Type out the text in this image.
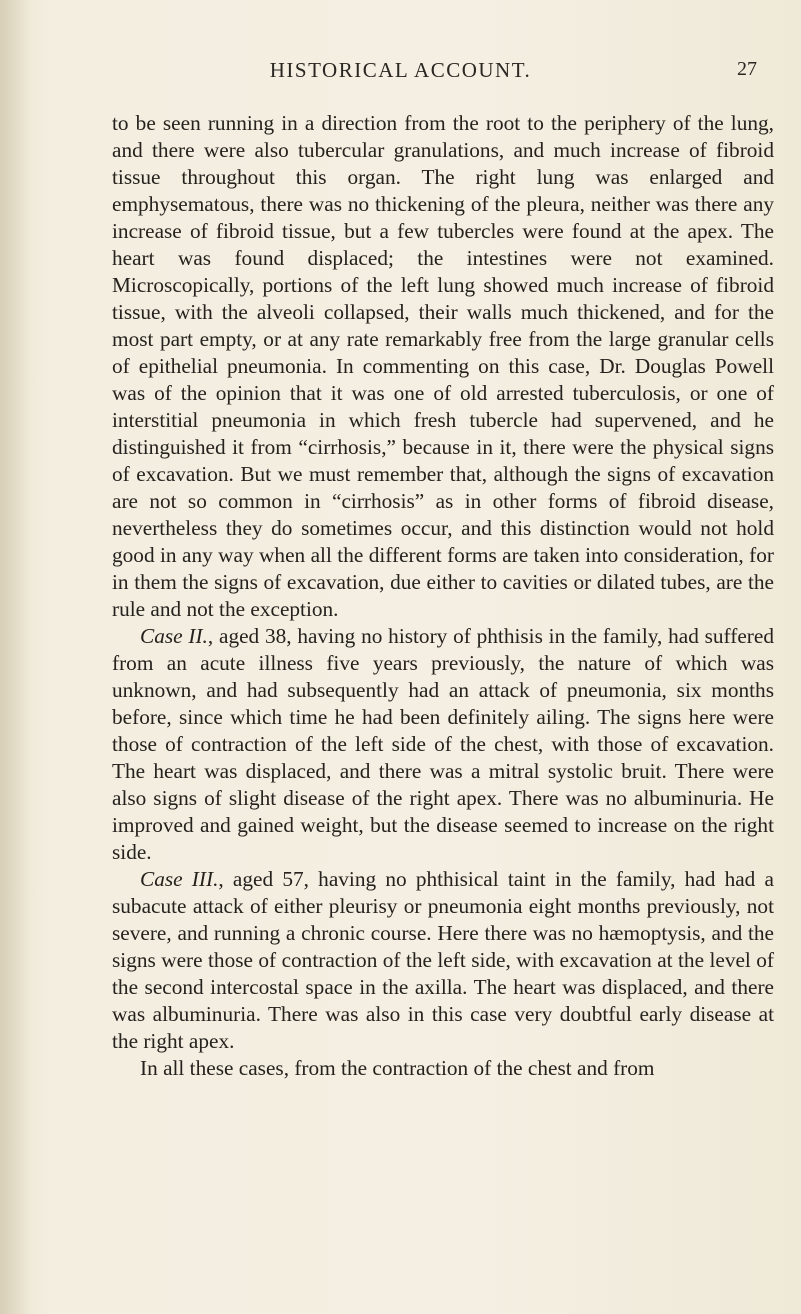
HISTORICAL ACCOUNT.	27

to be seen running in a direction from the root to the periphery of the lung, and there were also tubercular granulations, and much increase of fibroid tissue throughout this organ. The right lung was enlarged and emphysematous, there was no thickening of the pleura, neither was there any increase of fibroid tissue, but a few tubercles were found at the apex. The heart was found displaced; the intestines were not examined. Microscopically, portions of the left lung showed much increase of fibroid tissue, with the alveoli collapsed, their walls much thickened, and for the most part empty, or at any rate remarkably free from the large granular cells of epithelial pneumonia. In commenting on this case, Dr. Douglas Powell was of the opinion that it was one of old arrested tuberculosis, or one of interstitial pneumonia in which fresh tubercle had supervened, and he distinguished it from “cirrhosis,” because in it, there were the physical signs of excavation. But we must remember that, although the signs of excavation are not so common in “cirrhosis” as in other forms of fibroid disease, nevertheless they do sometimes occur, and this distinction would not hold good in any way when all the different forms are taken into consideration, for in them the signs of excavation, due either to cavities or dilated tubes, are the rule and not the exception.

Case II., aged 38, having no history of phthisis in the family, had suffered from an acute illness five years previously, the nature of which was unknown, and had subsequently had an attack of pneumonia, six months before, since which time he had been definitely ailing. The signs here were those of contraction of the left side of the chest, with those of excavation. The heart was displaced, and there was a mitral systolic bruit. There were also signs of slight disease of the right apex. There was no albuminuria. He improved and gained weight, but the disease seemed to increase on the right side.

Case III., aged 57, having no phthisical taint in the family, had had a subacute attack of either pleurisy or pneumonia eight months previously, not severe, and running a chronic course. Here there was no hæmoptysis, and the signs were those of contraction of the left side, with excavation at the level of the second intercostal space in the axilla. The heart was displaced, and there was albuminuria. There was also in this case very doubtful early disease at the right apex.

In all these cases, from the contraction of the chest and from
